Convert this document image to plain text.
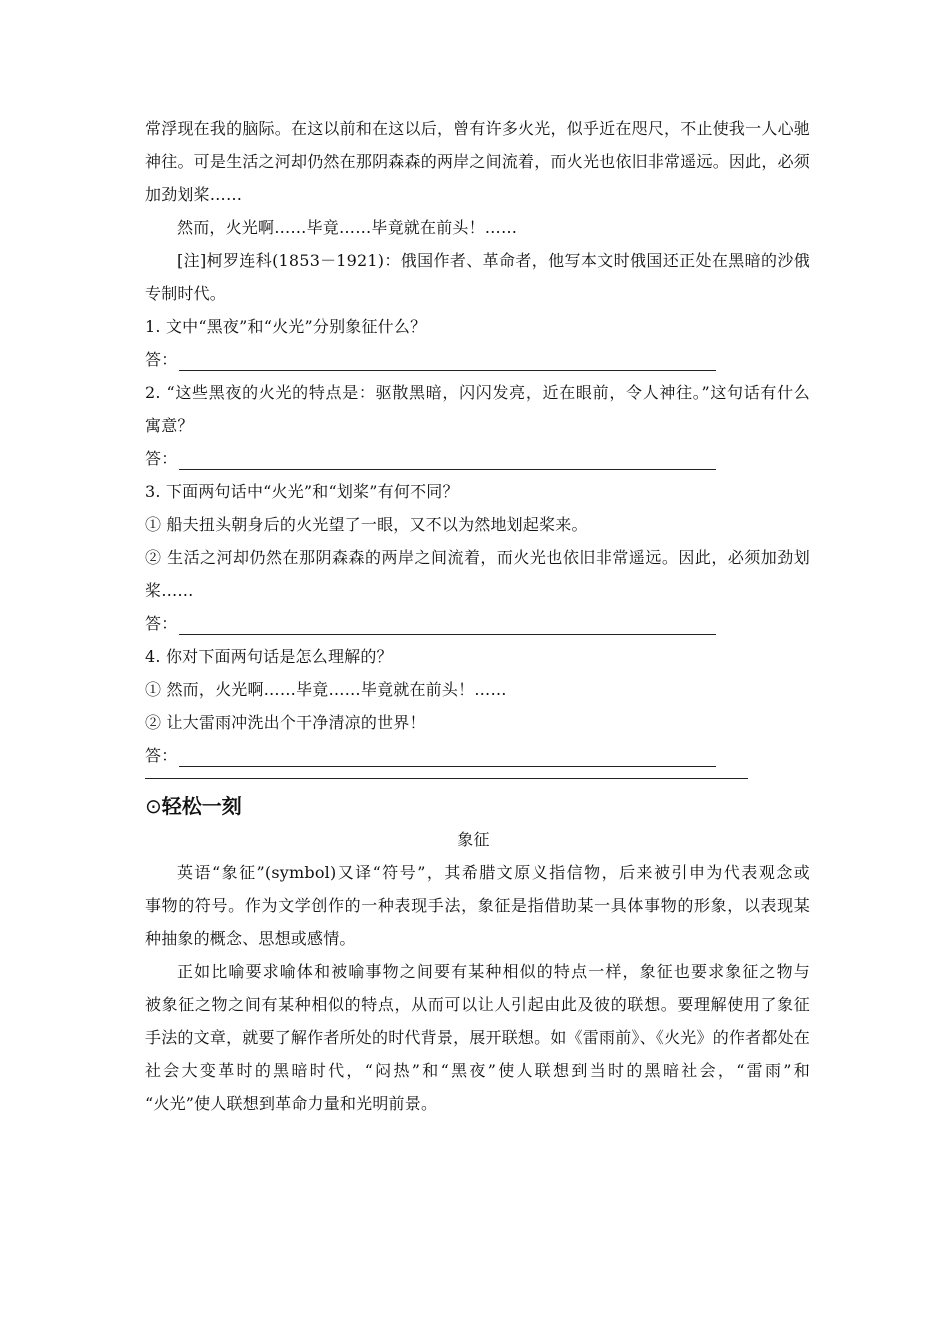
常浮现在我的脑际。在这以前和在这以后，曾有许多火光，似乎近在咫尺，不止使我一人心驰
神往。可是生活之河却仍然在那阴森森的两岸之间流着，而火光也依旧非常遥远。因此，必须
加劲划桨……
然而，火光啊……毕竟……毕竟就在前头！……
[注]柯罗连科(1853－1921)：俄国作者、革命者，他写本文时俄国还正处在黑暗的沙俄
专制时代。
1. 文中“黑夜”和“火光”分别象征什么？
答：
2. “这些黑夜的火光的特点是：驱散黑暗，闪闪发亮，近在眼前，令人神往。”这句话有什么
寓意？
答：
3. 下面两句话中“火光”和“划桨”有何不同？
① 船夫扭头朝身后的火光望了一眼，又不以为然地划起桨来。
② 生活之河却仍然在那阴森森的两岸之间流着，而火光也依旧非常遥远。因此，必须加劲划
桨……
答：
4. 你对下面两句话是怎么理解的？
① 然而，火光啊……毕竟……毕竟就在前头！……
② 让大雷雨冲洗出个干净清凉的世界！
答：
⊙轻松一刻
象征
英语“象征”(symbol)又译“符号”，其希腊文原义指信物，后来被引申为代表观念或
事物的符号。作为文学创作的一种表现手法，象征是指借助某一具体事物的形象，以表现某
种抽象的概念、思想或感情。
正如比喻要求喻体和被喻事物之间要有某种相似的特点一样，象征也要求象征之物与
被象征之物之间有某种相似的特点，从而可以让人引起由此及彼的联想。要理解使用了象征
手法的文章，就要了解作者所处的时代背景，展开联想。如《雷雨前》、《火光》的作者都处在
社会大变革时的黑暗时代，“闷热”和“黑夜”使人联想到当时的黑暗社会，“雷雨”和
“火光”使人联想到革命力量和光明前景。
